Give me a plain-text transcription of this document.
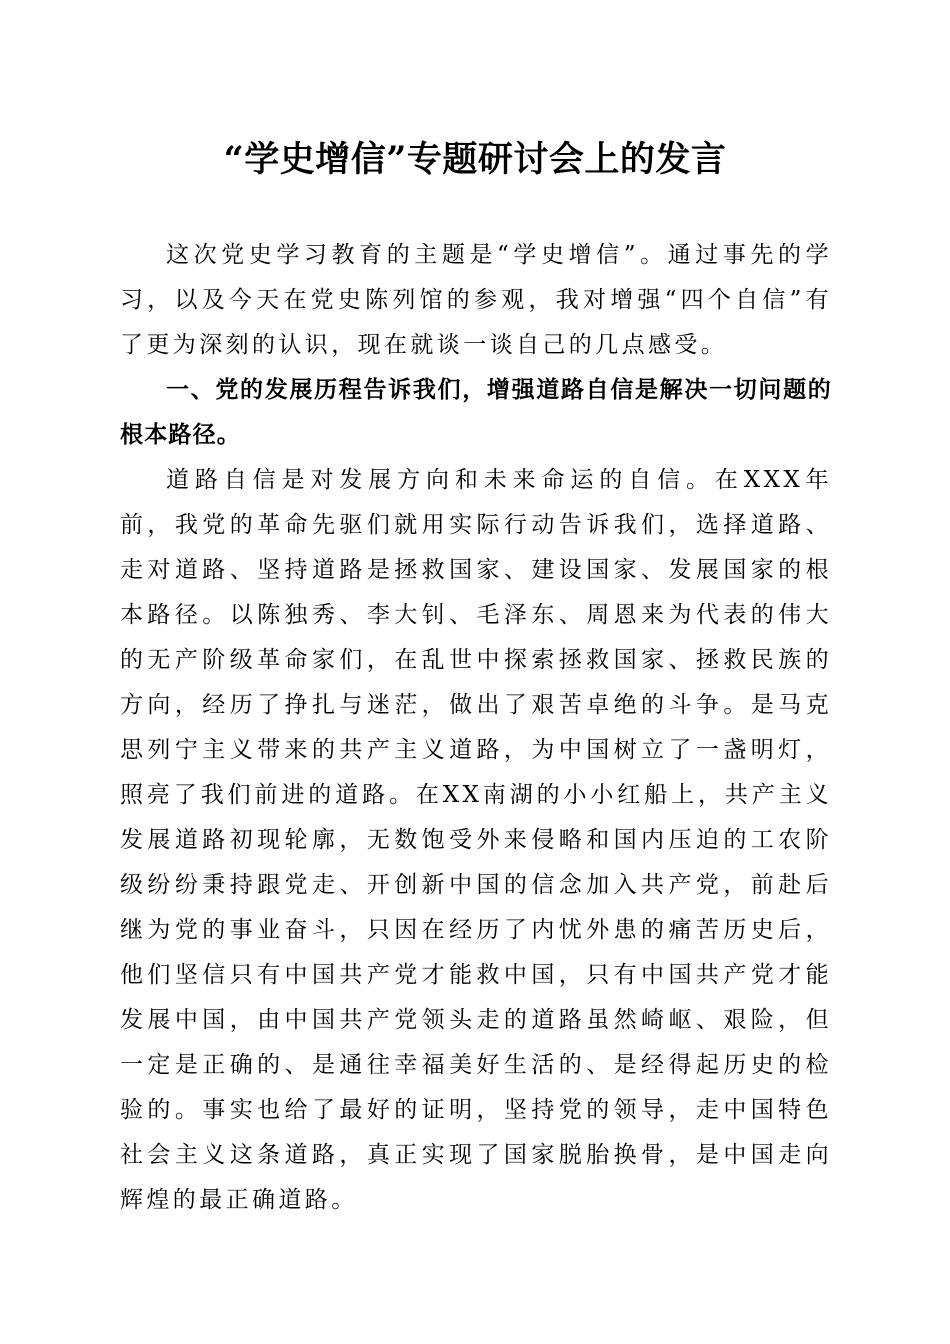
“学史增信”专题研讨会上的发言

这次党史学习教育的主题是“学史增信”。通过事先的学习，以及今天在党史陈列馆的参观，我对增强“四个自信”有了更为深刻的认识，现在就谈一谈自己的几点感受。

一、党的发展历程告诉我们，增强道路自信是解决一切问题的根本路径。

道路自信是对发展方向和未来命运的自信。在XXX年前，我党的革命先驱们就用实际行动告诉我们，选择道路、走对道路、坚持道路是拯救国家、建设国家、发展国家的根本路径。以陈独秀、李大钊、毛泽东、周恩来为代表的伟大的无产阶级革命家们，在乱世中探索拯救国家、拯救民族的方向，经历了挣扎与迷茫，做出了艰苦卓绝的斗争。是马克思列宁主义带来的共产主义道路，为中国树立了一盏明灯，照亮了我们前进的道路。在XX南湖的小小红船上，共产主义发展道路初现轮廓，无数饱受外来侵略和国内压迫的工农阶级纷纷秉持跟党走、开创新中国的信念加入共产党，前赴后继为党的事业奋斗，只因在经历了内忧外患的痛苦历史后，他们坚信只有中国共产党才能救中国，只有中国共产党才能发展中国，由中国共产党领头走的道路虽然崎岖、艰险，但一定是正确的、是通往幸福美好生活的、是经得起历史的检验的。事实也给了最好的证明，坚持党的领导，走中国特色社会主义这条道路，真正实现了国家脱胎换骨，是中国走向辉煌的最正确道路。
